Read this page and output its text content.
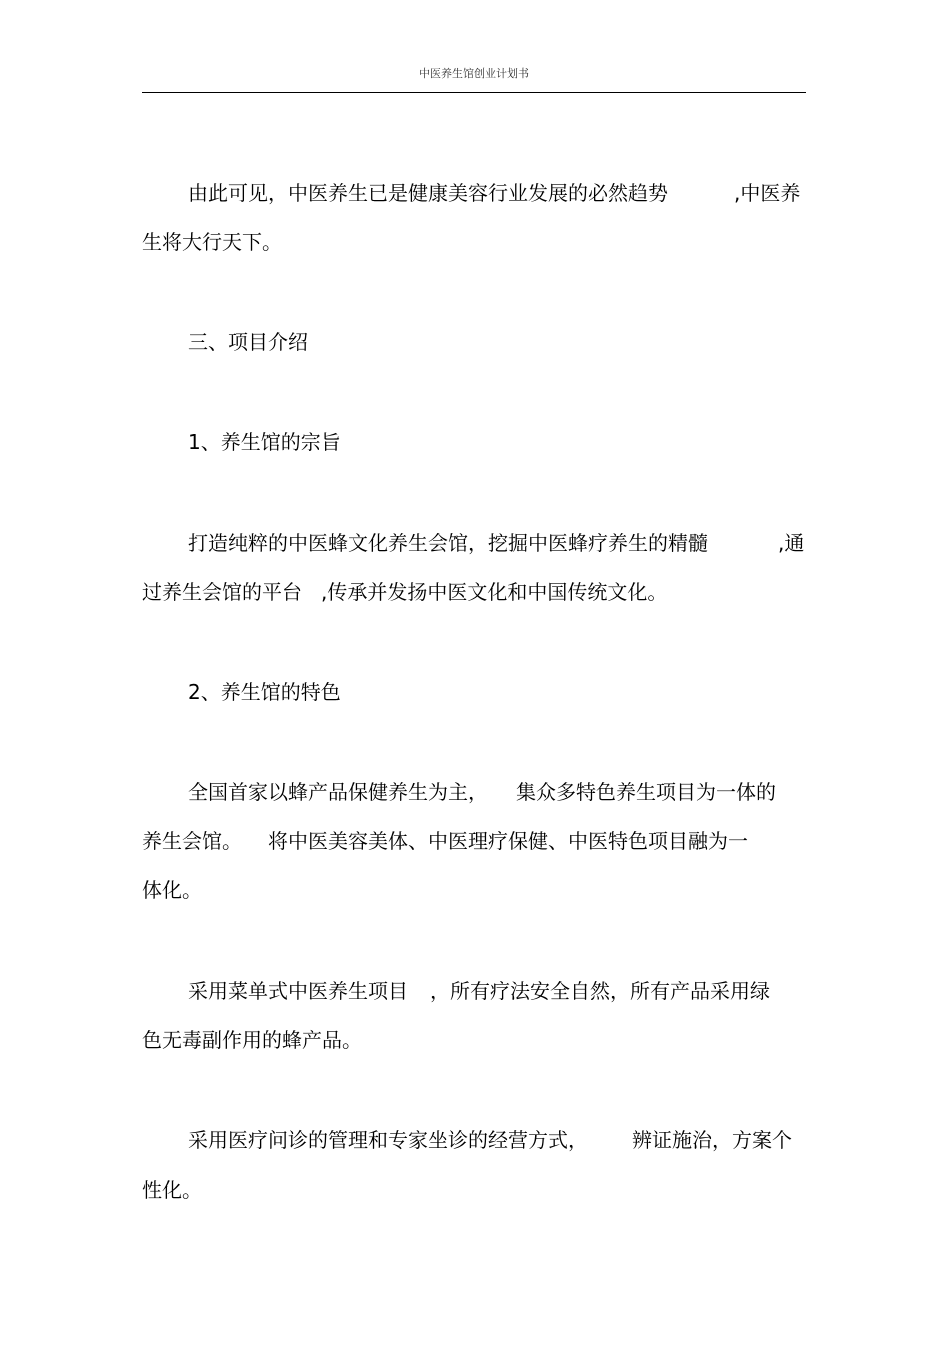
中医养生馆创业计划书
由此可见，中医养生已是健康美容行业发展的必然趋势	,中医养
生将大行天下。
三、项目介绍
1、养生馆的宗旨
打造纯粹的中医蜂文化养生会馆，挖掘中医蜂疗养生的精髓	,通
过养生会馆的平台 ,传承并发扬中医文化和中国传统文化。
2、养生馆的特色
全国首家以蜂产品保健养生为主， 集众多特色养生项目为一体的
养生会馆。 将中医美容美体、中医理疗保健、中医特色项目融为一
体化。
采用菜单式中医养生项目 ，所有疗法安全自然，所有产品采用绿
色无毒副作用的蜂产品。
采用医疗问诊的管理和专家坐诊的经营方式， 辨证施治，方案个
性化。
